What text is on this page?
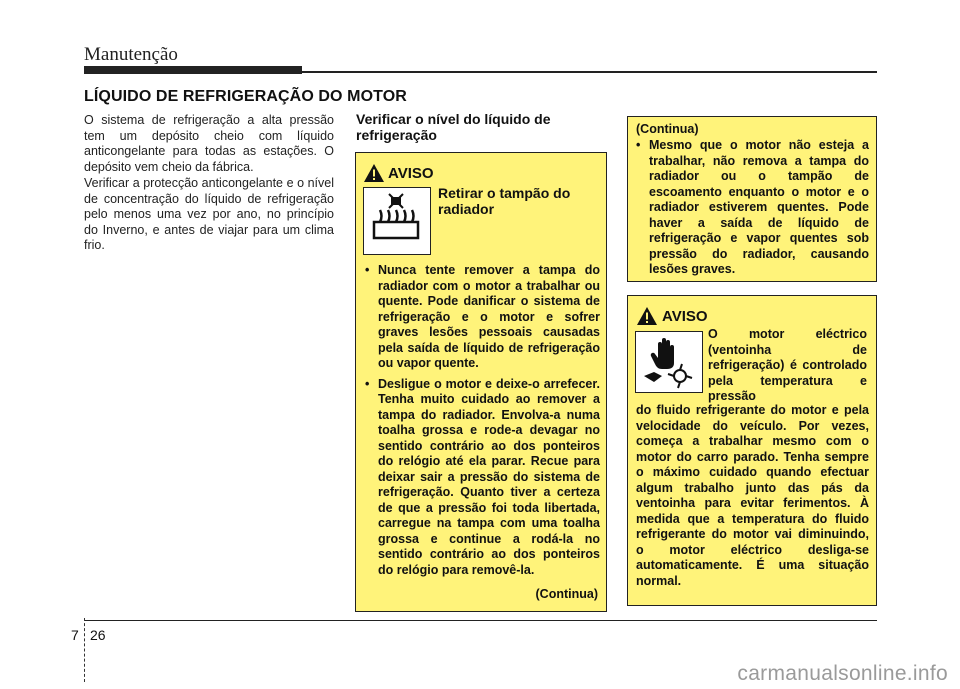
Manutenção
LÍQUIDO DE REFRIGERAÇÃO DO MOTOR
O sistema de refrigeração a alta pressão tem um depósito cheio com líquido anticongelante para todas as estações. O depósito vem cheio da fábrica.
Verificar a protecção anticongelante e o nível de concentração do líquido de refrigeração pelo menos uma vez por ano, no princípio do Inverno, e antes de viajar para um clima frio.
Verificar o nível do líquido de refrigeração
AVISO
Retirar o tampão do radiador
• Nunca tente remover a tampa do radiador com o motor a trabalhar ou quente. Pode danificar o sistema de refrigeração e o motor e sofrer graves lesões pessoais causadas pela saída de líquido de refrigeração ou vapor quente.
• Desligue o motor e deixe-o arrefecer. Tenha muito cuidado ao remover a tampa do radiador. Envolva-a numa toalha grossa e rode-a devagar no sentido contrário ao dos ponteiros do relógio até ela parar. Recue para deixar sair a pressão do sistema de refrigeração. Quanto tiver a certeza de que a pressão foi toda libertada, carregue na tampa com uma toalha grossa e continue a rodá-la no sentido contrário ao dos ponteiros do relógio para removê-la.
(Continua)
(Continua)
• Mesmo que o motor não esteja a trabalhar, não remova a tampa do radiador ou o tampão de escoamento enquanto o motor e o radiador estiverem quentes. Pode haver a saída de líquido de refrigeração e vapor quentes sob pressão do radiador, causando lesões graves.
AVISO
O motor eléctrico (ventoinha de refrigeração) é controlado pela temperatura e pressão
do fluido refrigerante do motor e pela velocidade do veículo. Por vezes, começa a trabalhar mesmo com o motor do carro parado. Tenha sempre o máximo cuidado quando efectuar algum trabalho junto das pás da ventoinha para evitar ferimentos. À medida que a temperatura do fluido refrigerante do motor vai diminuindo, o motor eléctrico desliga-se automaticamente. É uma situação normal.
7 26
carmanualsonline.info
